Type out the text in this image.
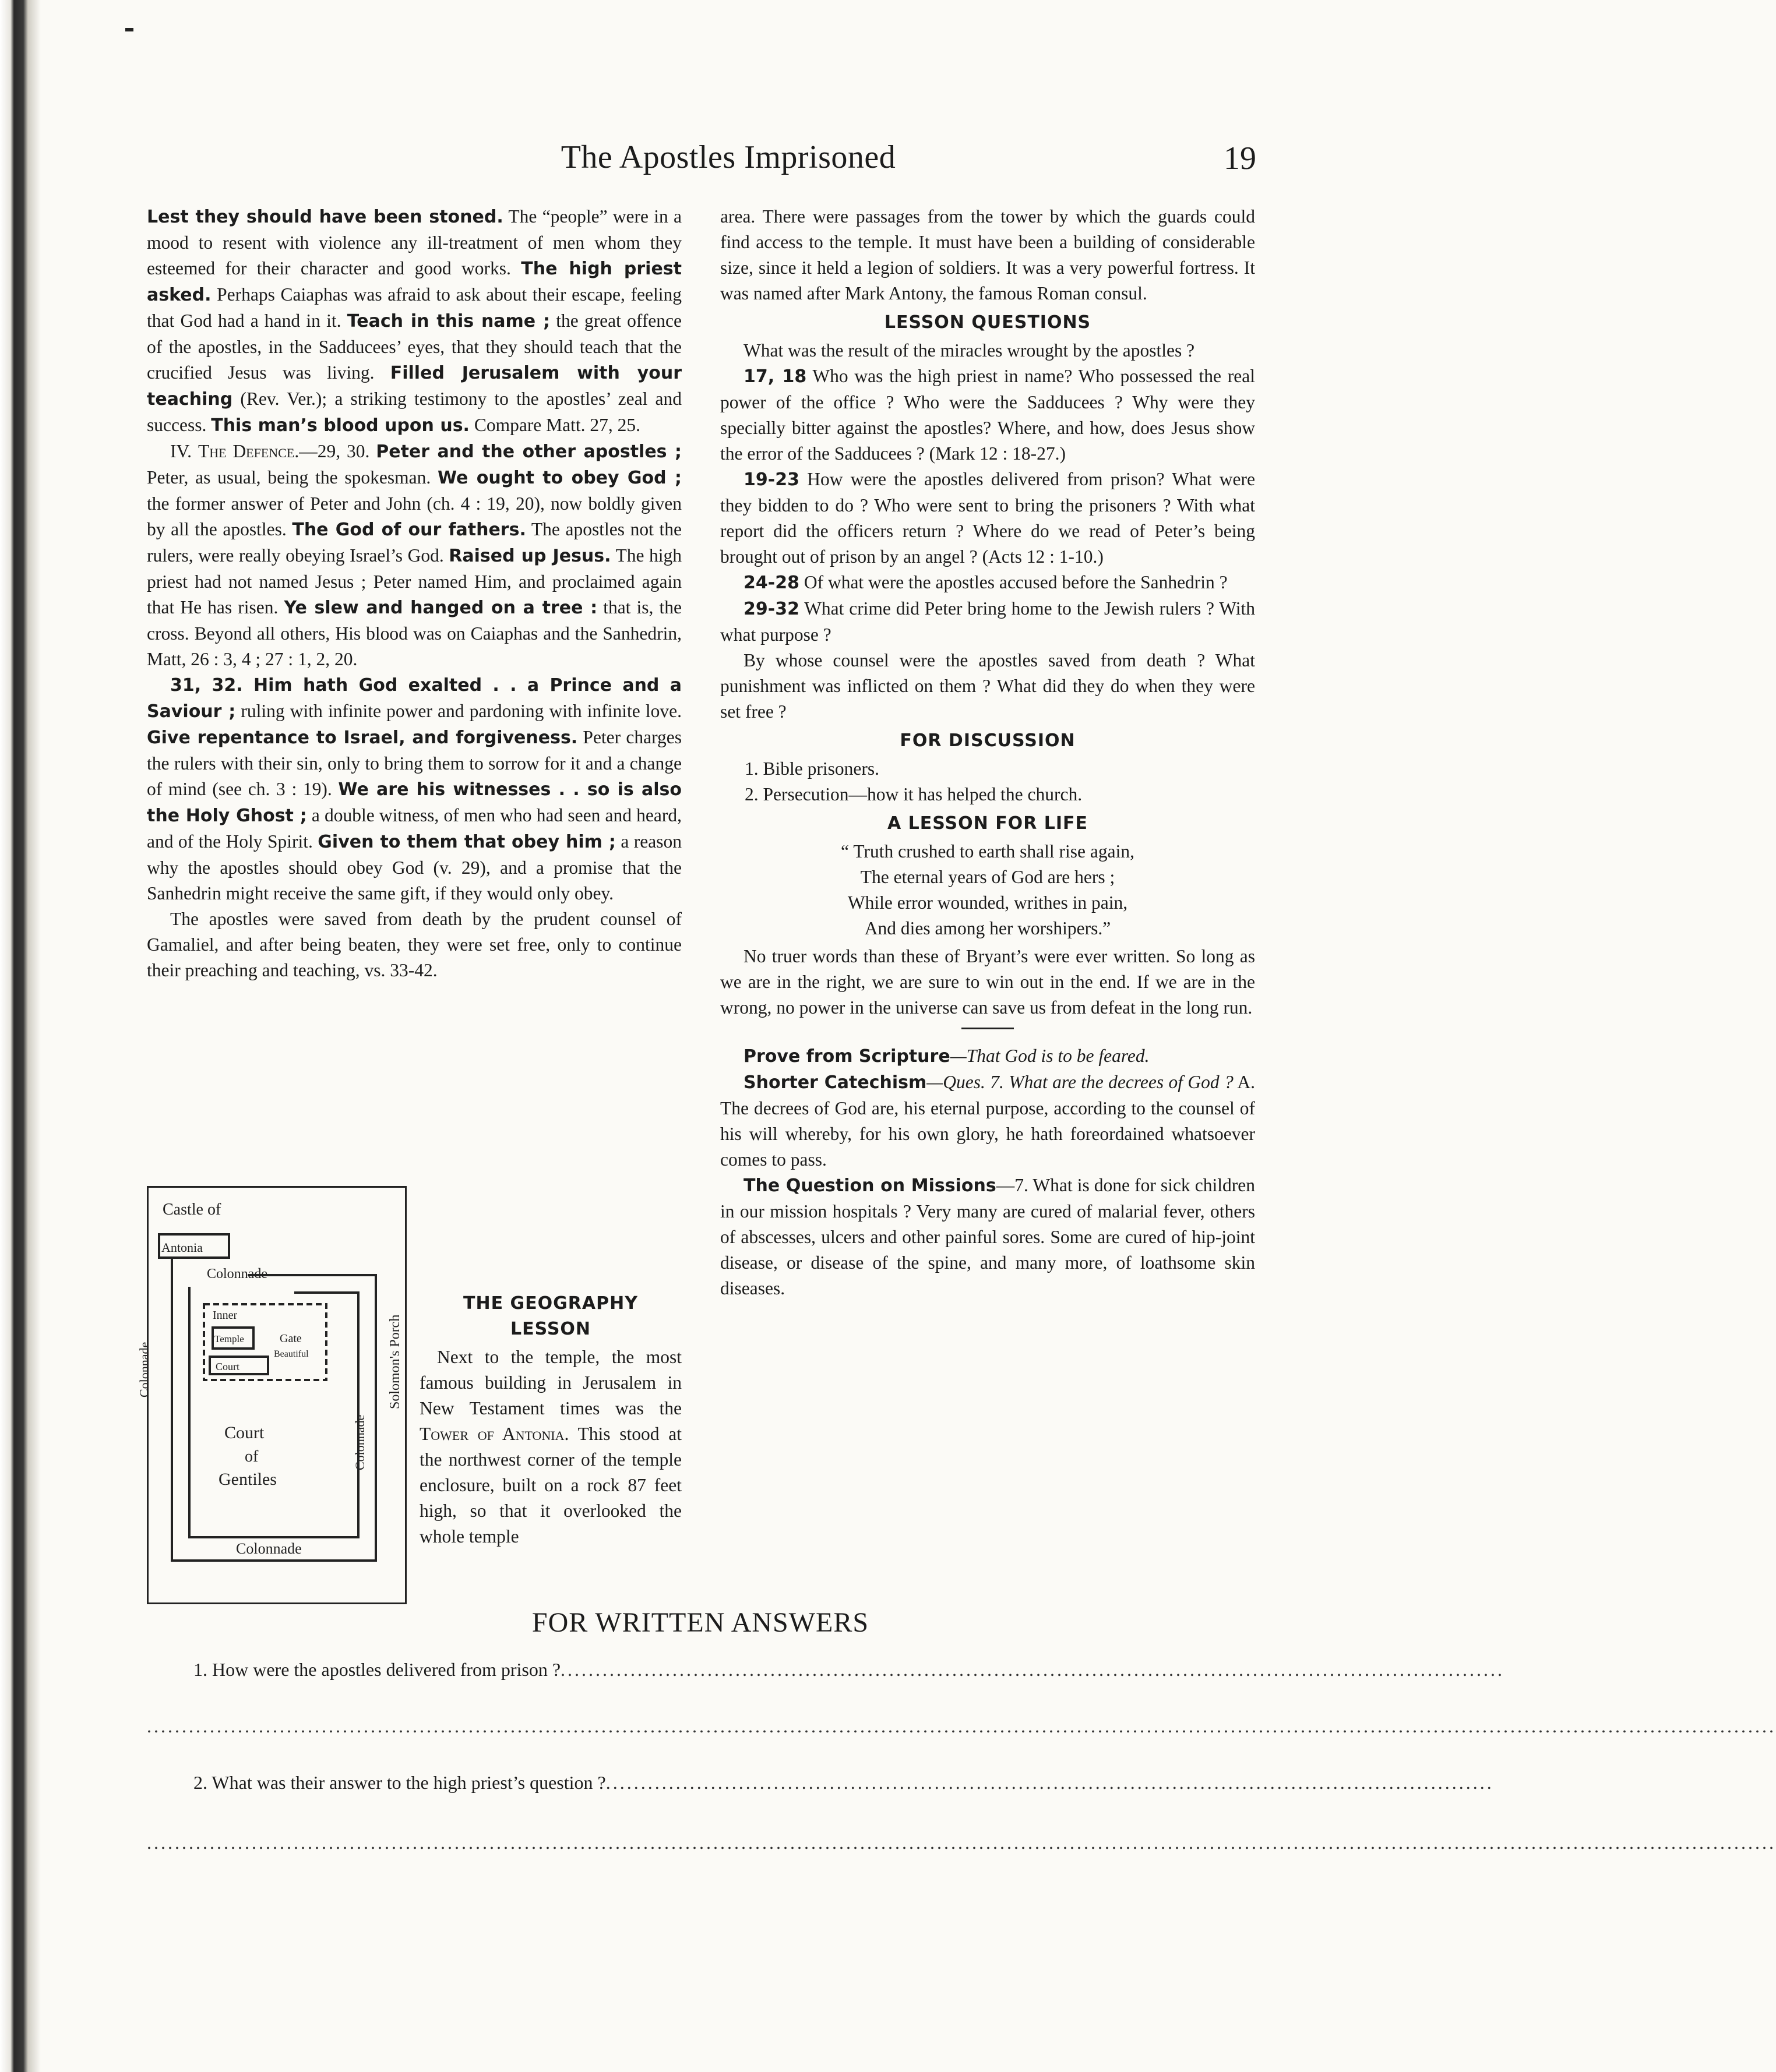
The Apostles Imprisoned	19

Lest they should have been stoned. The “people” were in a mood to resent with violence any ill-treatment of men whom they esteemed for their character and good works. The high priest asked. Perhaps Caiaphas was afraid to ask about their escape, feeling that God had a hand in it. Teach in this name ; the great offence of the apostles, in the Sadducees’ eyes, that they should teach that the crucified Jesus was living. Filled Jerusalem with your teaching (Rev. Ver.); a striking testimony to the apostles’ zeal and success. This man’s blood upon us. Compare Matt. 27, 25.

IV. The Defence.—29, 30. Peter and the other apostles ; Peter, as usual, being the spokesman. We ought to obey God ; the former answer of Peter and John (ch. 4 : 19, 20), now boldly given by all the apostles. The God of our fathers. The apostles not the rulers, were really obeying Israel’s God. Raised up Jesus. The high priest had not named Jesus ; Peter named Him, and proclaimed again that He has risen. Ye slew and hanged on a tree : that is, the cross. Beyond all others, His blood was on Caiaphas and the Sanhedrin, Matt, 26 : 3, 4 ; 27 : 1, 2, 20.

31, 32. Him hath God exalted . . a Prince and a Saviour ; ruling with infinite power and pardoning with infinite love. Give repentance to Israel, and forgiveness. Peter charges the rulers with their sin, only to bring them to sorrow for it and a change of mind (see ch. 3 : 19). We are his witnesses . . so is also the Holy Ghost ; a double witness, of men who had seen and heard, and of the Holy Spirit. Given to them that obey him ; a reason why the apostles should obey God (v. 29), and a promise that the Sanhedrin might receive the same gift, if they would only obey.

The apostles were saved from death by the prudent counsel of Gamaliel, and after being beaten, they were set free, only to continue their preaching and teaching, vs. 33-42.

Castle of
Antonia
Colonnade
Colonnade
Colonnade
Colonnade
Solomon's Porch
Inner
Temple	Gate
Beautiful
Court
Court
of
Gentiles
THE GEOGRAPHY LESSON

Next to the temple, the most famous building in Jerusalem in New Testament times was the Tower of Antonia. This stood at the northwest corner of the temple enclosure, built on a rock 87 feet high, so that it overlooked the whole temple

area. There were passages from the tower by which the guards could find access to the temple. It must have been a building of considerable size, since it held a legion of soldiers. It was a very powerful fortress. It was named after Mark Antony, the famous Roman consul.

LESSON QUESTIONS

What was the result of the miracles wrought by the apostles ?

17, 18 Who was the high priest in name? Who possessed the real power of the office ? Who were the Sadducees ? Why were they specially bitter against the apostles? Where, and how, does Jesus show the error of the Sadducees ? (Mark 12 : 18-27.)

19-23 How were the apostles delivered from prison? What were they bidden to do ? Who were sent to bring the prisoners ? With what report did the officers return ? Where do we read of Peter’s being brought out of prison by an angel ? (Acts 12 : 1-10.)

24-28 Of what were the apostles accused before the Sanhedrin ?

29-32 What crime did Peter bring home to the Jewish rulers ? With what purpose ?

By whose counsel were the apostles saved from death ? What punishment was inflicted on them ? What did they do when they were set free ?

FOR DISCUSSION
1. Bible prisoners.
2. Persecution—how it has helped the church.
A LESSON FOR LIFE
“ Truth crushed to earth shall rise again,
The eternal years of God are hers ;
While error wounded, writhes in pain,
And dies among her worshipers.”

No truer words than these of Bryant’s were ever written. So long as we are in the right, we are sure to win out in the end. If we are in the wrong, no power in the universe can save us from defeat in the long run.

Prove from Scripture—That God is to be feared.

Shorter Catechism—Ques. 7. What are the decrees of God ? A. The decrees of God are, his eternal purpose, according to the counsel of his will whereby, for his own glory, he hath foreordained whatsoever comes to pass.

The Question on Missions—7. What is done for sick children in our mission hospitals ? Very many are cured of malarial fever, others of abscesses, ulcers and other painful sores. Some are cured of hip-joint disease, or disease of the spine, and many more, of loathsome skin diseases.

FOR WRITTEN ANSWERS
1. How were the apostles delivered from prison ?.......................................................................................................................................
.........................................................................................................................................................................................................................................
2. What was their answer to the high priest’s question ?...............................................................................................................................
.........................................................................................................................................................................................................................................
